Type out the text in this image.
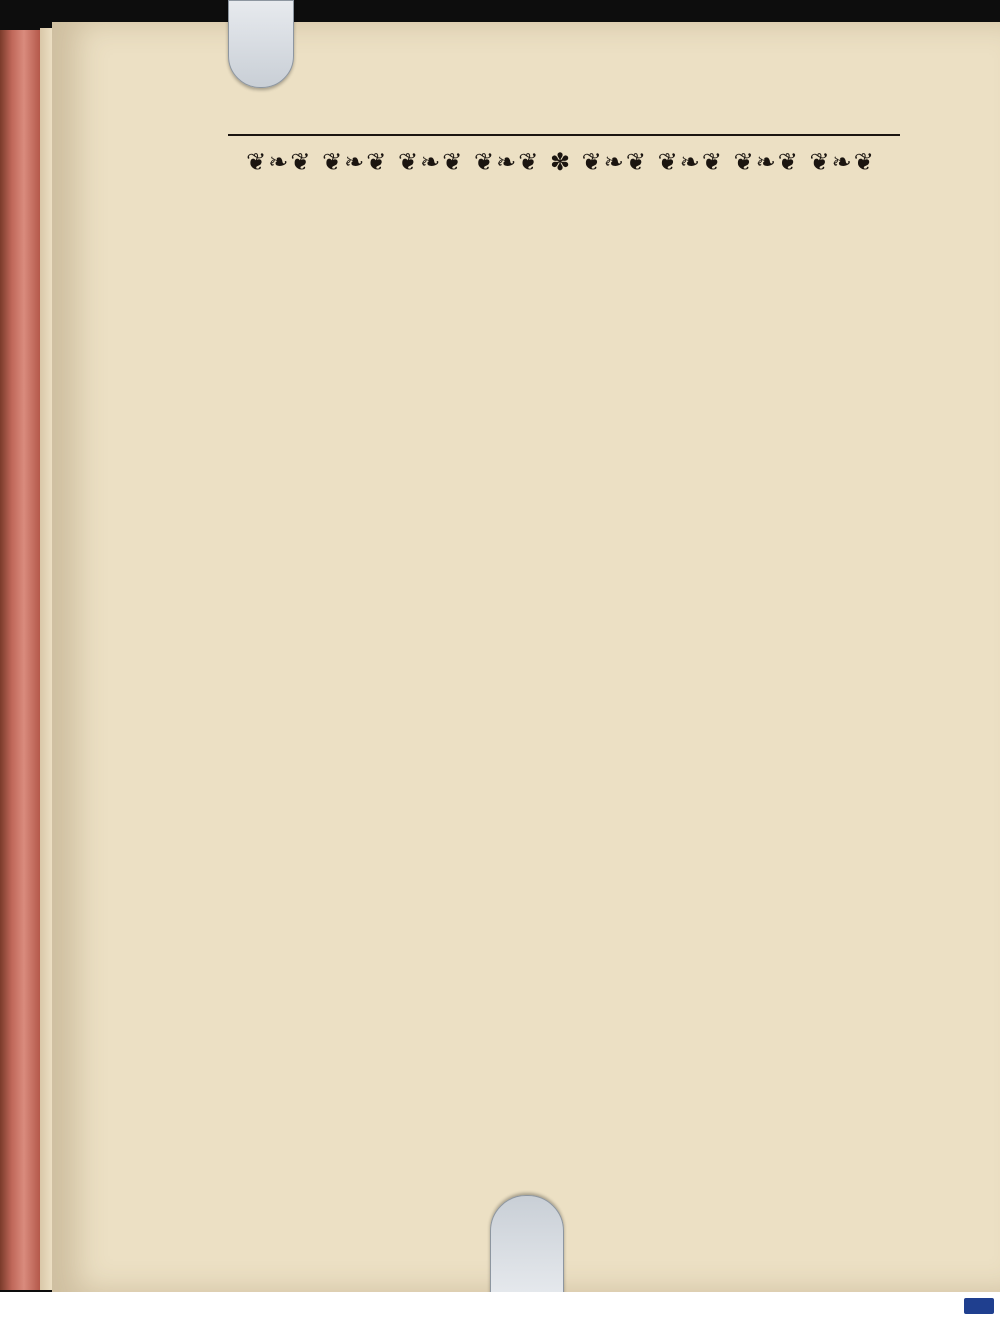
❦❧❦ ❦❧❦ ❦❧❦ ❦❧❦ ✽ ❦❧❦ ❦❧❦ ❦❧❦ ❦❧❦
